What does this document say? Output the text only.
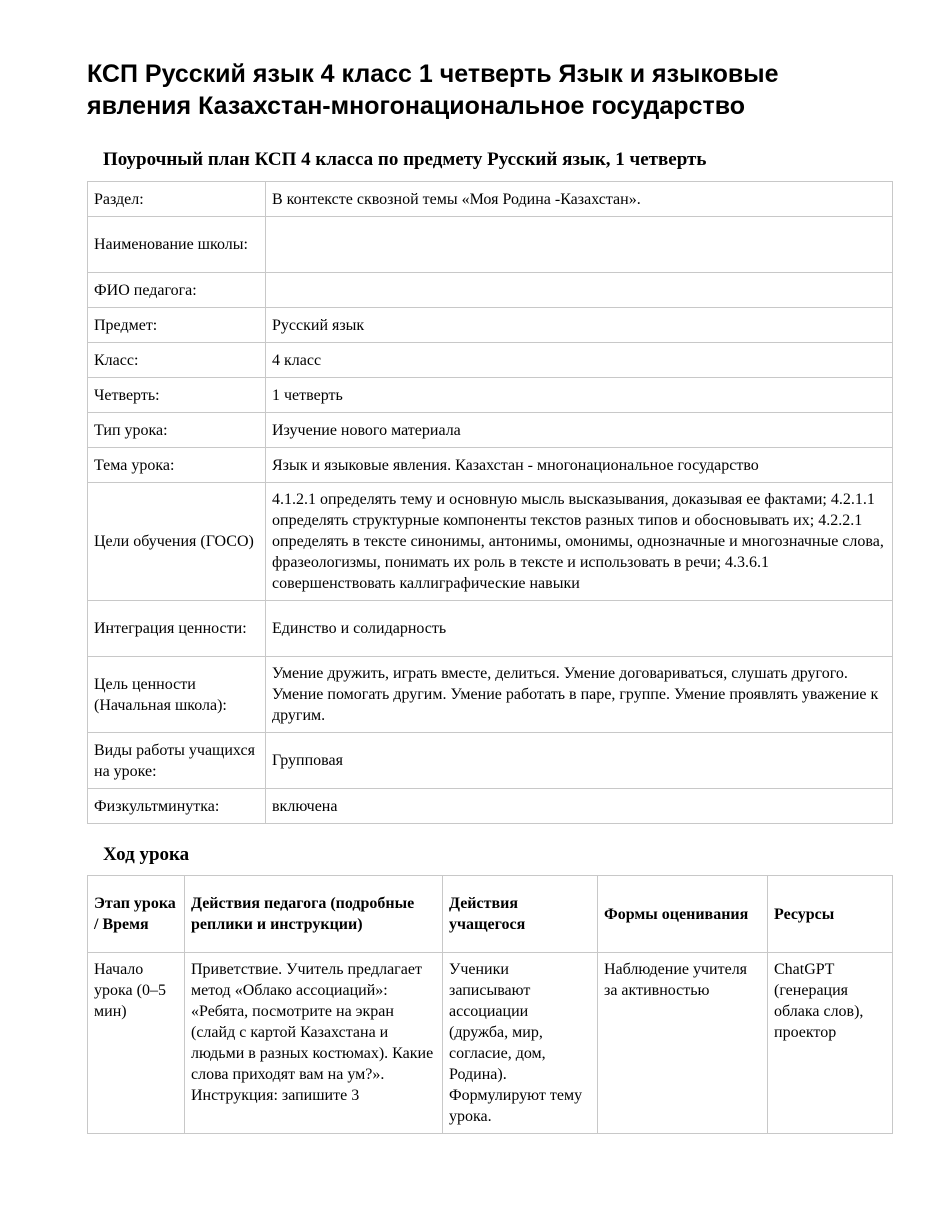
КСП Русский язык 4 класс 1 четверть Язык и языковые явления Казахстан-многонациональное государство
Поурочный план КСП 4 класса по предмету Русский язык, 1 четверть
Раздел:	В контексте сквозной темы «Моя Родина -Казахстан».
Наименование школы:	
ФИО педагога:	
Предмет:	Русский язык
Класс:	4 класс
Четверть:	1 четверть
Тип урока:	Изучение нового материала
Тема урока:	Язык и языковые явления. Казахстан - многонациональное государство
Цели обучения (ГОСО)	4.1.2.1 определять тему и основную мысль высказывания, доказывая ее фактами; 4.2.1.1 определять структурные компоненты текстов разных типов и обосновывать их; 4.2.2.1 определять в тексте синонимы, антонимы, омонимы, однозначные и многозначные слова, фразеологизмы, понимать их роль в тексте и использовать в речи; 4.3.6.1 совершенствовать каллиграфические навыки
Интеграция ценности:	Единство и солидарность
Цель ценности (Начальная школа):	Умение дружить, играть вместе, делиться. Умение договариваться, слушать другого. Умение помогать другим. Умение работать в паре, группе. Умение проявлять уважение к другим.
Виды работы учащихся на уроке:	Групповая
Физкультминутка:	включена
Ход урока
Этап урока / Время	Действия педагога (подробные реплики и инструкции)	Действия учащегося	Формы оценивания	Ресурсы
Начало урока (0–5 мин)	Приветствие. Учитель предлагает метод «Облако ассоциаций»: «Ребята, посмотрите на экран (слайд с картой Казахстана и людьми в разных костюмах). Какие слова приходят вам на ум?». Инструкция: запишите 3	Ученики записывают ассоциации (дружба, мир, согласие, дом, Родина). Формулируют тему урока.	Наблюдение учителя за активностью	ChatGPT (генерация облака слов), проектор
